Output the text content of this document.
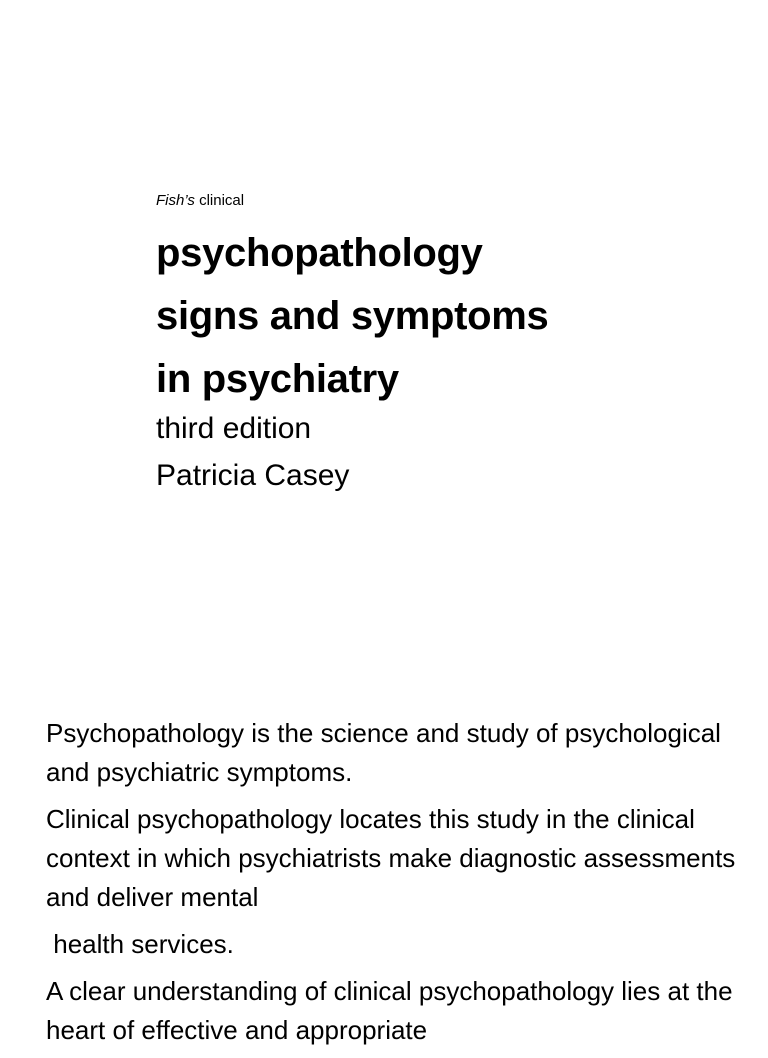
Fish’s clinical
psychopathology
signs and symptoms
in psychiatry
third edition
Patricia Casey

Psychopathology is the science and study of psychological and psychiatric symptoms.

Clinical psychopathology locates this study in the clinical context in which psychiatrists make diagnostic assessments and deliver mental

health services.

A clear understanding of clinical psychopathology lies at the  heart of effective and appropriate
